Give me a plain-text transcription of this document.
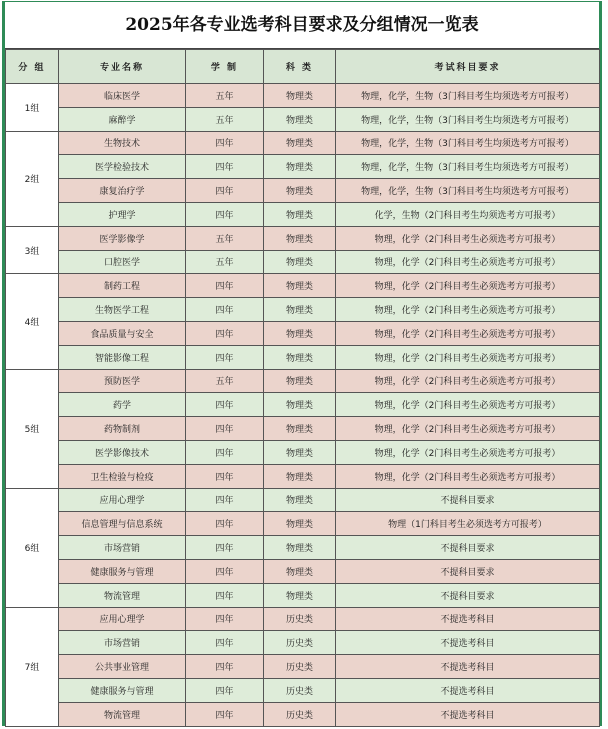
2025年各专业选考科目要求及分组情况一览表
分 组	专业名称	学 制	科 类	考试科目要求
1组	临床医学	五年	物理类	物理，化学，生物（3门科目考生均须选考方可报考）
	麻醉学	五年	物理类	物理，化学，生物（3门科目考生均须选考方可报考）
2组	生物技术	四年	物理类	物理，化学，生物（3门科目考生均须选考方可报考）
	医学检验技术	四年	物理类	物理，化学，生物（3门科目考生均须选考方可报考）
	康复治疗学	四年	物理类	物理，化学，生物（3门科目考生均须选考方可报考）
	护理学	四年	物理类	化学，生物（2门科目考生均须选考方可报考）
3组	医学影像学	五年	物理类	物理，化学（2门科目考生必须选考方可报考）
	口腔医学	五年	物理类	物理，化学（2门科目考生必须选考方可报考）
4组	制药工程	四年	物理类	物理，化学（2门科目考生必须选考方可报考）
	生物医学工程	四年	物理类	物理，化学（2门科目考生必须选考方可报考）
	食品质量与安全	四年	物理类	物理，化学（2门科目考生必须选考方可报考）
	智能影像工程	四年	物理类	物理，化学（2门科目考生必须选考方可报考）
5组	预防医学	五年	物理类	物理，化学（2门科目考生必须选考方可报考）
	药学	四年	物理类	物理，化学（2门科目考生必须选考方可报考）
	药物制剂	四年	物理类	物理，化学（2门科目考生必须选考方可报考）
	医学影像技术	四年	物理类	物理，化学（2门科目考生必须选考方可报考）
	卫生检验与检疫	四年	物理类	物理，化学（2门科目考生必须选考方可报考）
6组	应用心理学	四年	物理类	不提科目要求
	信息管理与信息系统	四年	物理类	物理（1门科目考生必须选考方可报考）
	市场营销	四年	物理类	不提科目要求
	健康服务与管理	四年	物理类	不提科目要求
	物流管理	四年	物理类	不提科目要求
7组	应用心理学	四年	历史类	不提选考科目
	市场营销	四年	历史类	不提选考科目
	公共事业管理	四年	历史类	不提选考科目
	健康服务与管理	四年	历史类	不提选考科目
	物流管理	四年	历史类	不提选考科目
